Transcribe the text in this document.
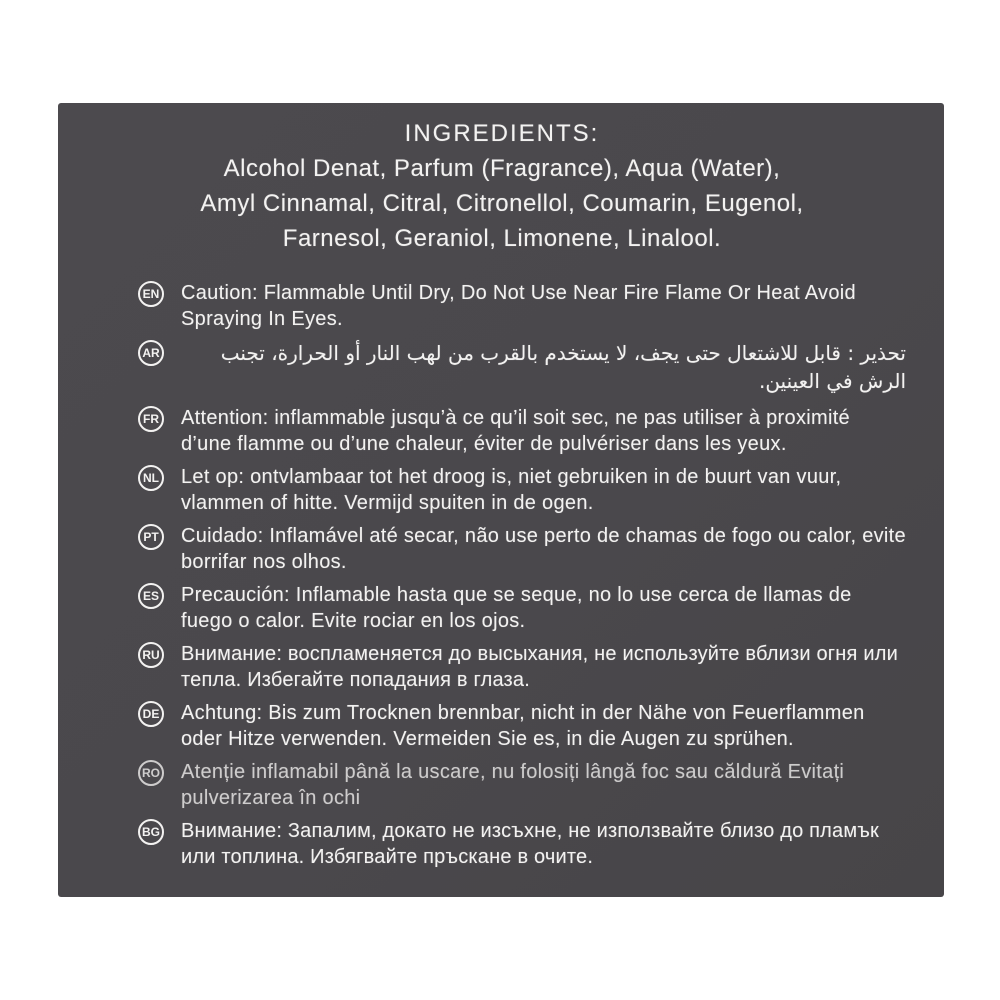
INGREDIENTS:
Alcohol Denat, Parfum (Fragrance), Aqua (Water),
Amyl Cinnamal, Citral, Citronellol, Coumarin, Eugenol,
Farnesol, Geraniol, Limonene, Linalool.
EN Caution: Flammable Until Dry, Do Not Use Near Fire Flame Or Heat Avoid Spraying In Eyes.
AR	تحذير : قابل للاشتعال حتى يجف، لا يستخدم بالقرب من لهب النار أو الحرارة، تجنب الرش في العينين.
FR Attention: inflammable jusqu’à ce qu’il soit sec, ne pas utiliser à proximité d’une flamme ou d’une chaleur, éviter de pulvériser dans les yeux.
NL Let op: ontvlambaar tot het droog is, niet gebruiken in de buurt van vuur, vlammen of hitte. Vermijd spuiten in de ogen.
PT Cuidado: Inflamável até secar, não use perto de chamas de fogo ou calor, evite borrifar nos olhos.
ES Precaución: Inflamable hasta que se seque, no lo use cerca de llamas de fuego o calor. Evite rociar en los ojos.
RU Внимание: воспламеняется до высыхания, не используйте вблизи огня или тепла. Избегайте попадания в глаза.
DE Achtung: Bis zum Trocknen brennbar, nicht in der Nähe von Feuerflammen oder Hitze verwenden. Vermeiden Sie es, in die Augen zu sprühen.
RO Atenție inflamabil până la uscare, nu folosiți lângă foc sau căldură Evitați pulverizarea în ochi
BG Внимание: Запалим, докато не изсъхне, не използвайте близо до пламък или топлина. Избягвайте пръскане в очите.
